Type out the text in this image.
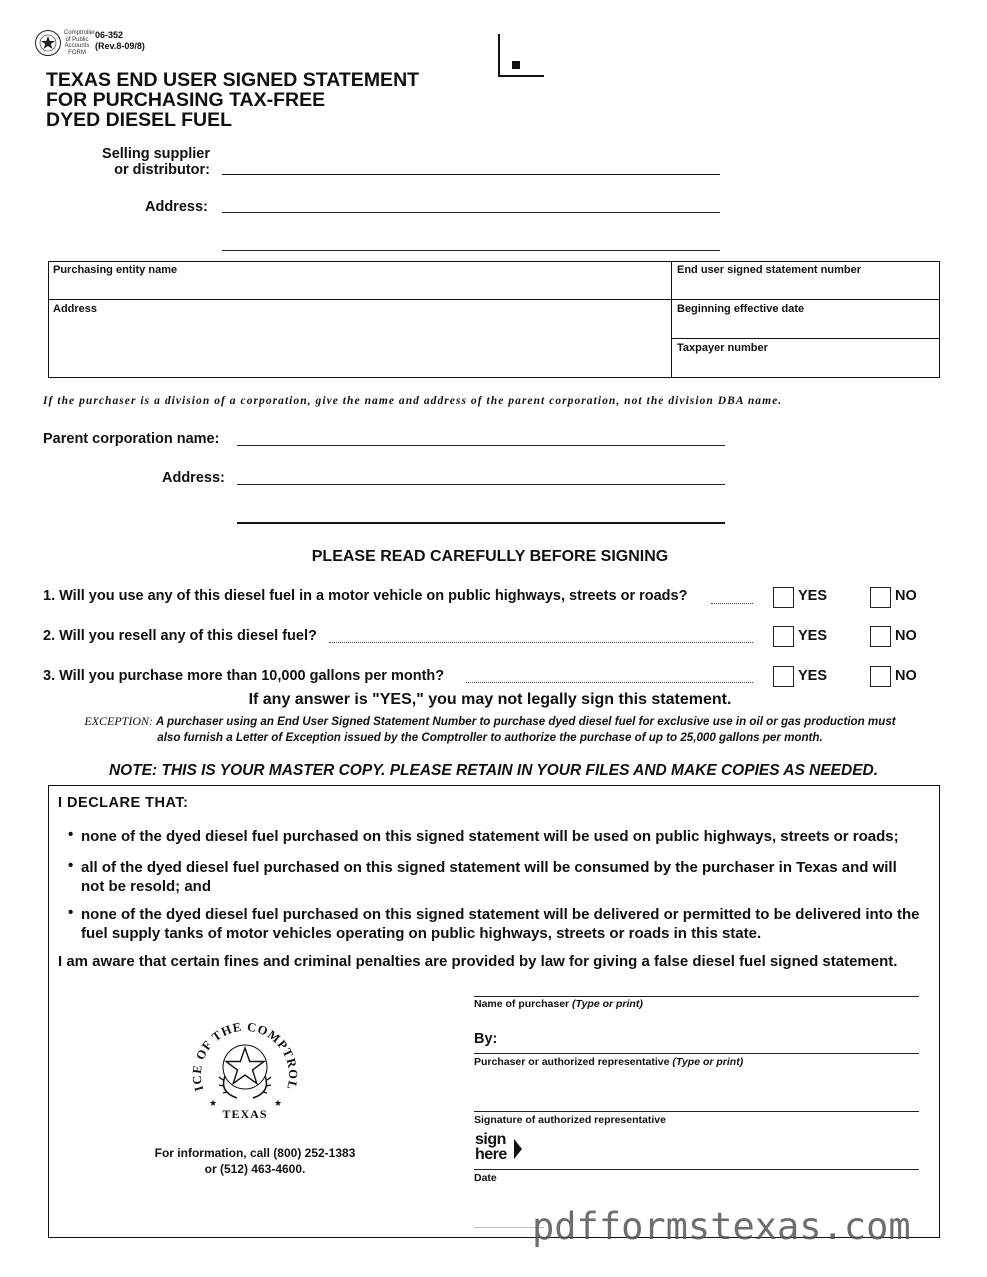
Comptroller
of Public
Accounts
FORM
06-352
(Rev.8-09/8)
TEXAS END USER SIGNED STATEMENT
FOR PURCHASING TAX-FREE
DYED DIESEL FUEL
Selling supplier
or distributor:
Address:
Purchasing entity name	End user signed statement number
Address	Beginning effective date
Taxpayer number
If the purchaser is a division of a corporation, give the name and address of the parent corporation, not the division DBA name.
Parent corporation name:
Address:
PLEASE READ CAREFULLY BEFORE SIGNING
1. Will you use any of this diesel fuel in a motor vehicle on public highways, streets or roads?	YES	NO
2. Will you resell any of this diesel fuel?	YES	NO
3. Will you purchase more than 10,000 gallons per month?	YES	NO
If any answer is "YES," you may not legally sign this statement.
EXCEPTION: A purchaser using an End User Signed Statement Number to purchase dyed diesel fuel for exclusive use in oil or gas production must
also furnish a Letter of Exception issued by the Comptroller to authorize the purchase of up to 25,000 gallons per month.
NOTE: THIS IS YOUR MASTER COPY. PLEASE RETAIN IN YOUR FILES AND MAKE COPIES AS NEEDED.
I DECLARE THAT:
• none of the dyed diesel fuel purchased on this signed statement will be used on public highways, streets or roads;
• all of the dyed diesel fuel purchased on this signed statement will be consumed by the purchaser in Texas and will
not be resold; and
• none of the dyed diesel fuel purchased on this signed statement will be delivered or permitted to be delivered into the
fuel supply tanks of motor vehicles operating on public highways, streets or roads in this state.
I am aware that certain fines and criminal penalties are provided by law for giving a false diesel fuel signed statement.
ICE OF THE COMPTROL
TEXAS
★	★
For information, call (800) 252-1383
or (512) 463-4600.
Name of purchaser (Type or print)
By:
Purchaser or authorized representative (Type or print)
Signature of authorized representative
sign
here
Date
pdfformstexas.com
